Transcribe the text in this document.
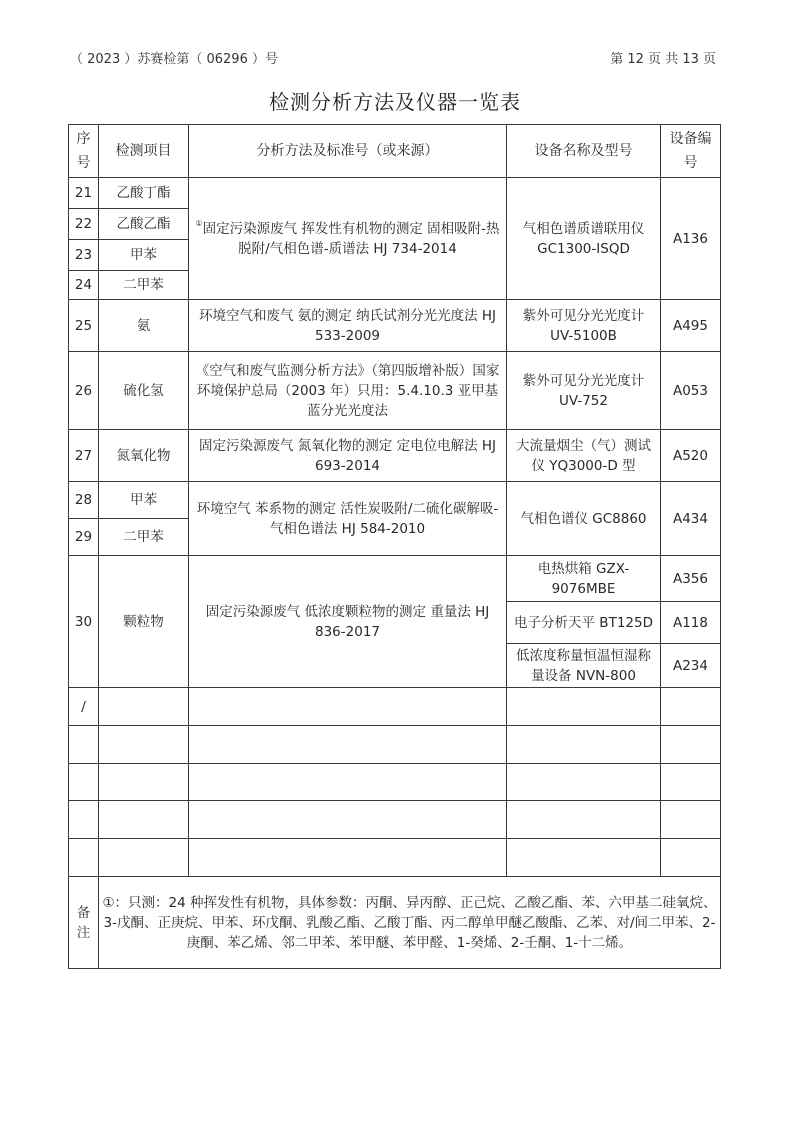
（ 2023 ）苏赛检第（ 06296 ）号	第 12 页 共 13 页
检测分析方法及仪器一览表
序号	检测项目	分析方法及标准号（或来源）	设备名称及型号	设备编号
21	乙酸丁酯	①固定污染源废气 挥发性有机物的测定 固相吸附-热脱附/气相色谱-质谱法 HJ 734-2014	气相色谱质谱联用仪 GC1300-ISQD	A136
22	乙酸乙酯			
23	甲苯			
24	二甲苯			
25	氨	环境空气和废气 氨的测定 纳氏试剂分光光度法 HJ 533-2009	紫外可见分光光度计 UV-5100B	A495
26	硫化氢	《空气和废气监测分析方法》（第四版增补版）国家环境保护总局（2003 年）只用：5.4.10.3 亚甲基蓝分光光度法	紫外可见分光光度计 UV-752	A053
27	氮氧化物	固定污染源废气 氮氧化物的测定 定电位电解法 HJ 693-2014	大流量烟尘（气）测试仪 YQ3000-D 型	A520
28	甲苯	环境空气 苯系物的测定 活性炭吸附/二硫化碳解吸-气相色谱法 HJ 584-2010	气相色谱仪 GC8860	A434
29	二甲苯			
30	颗粒物	固定污染源废气 低浓度颗粒物的测定 重量法 HJ 836-2017	电热烘箱 GZX-9076MBE	A356
			电子分析天平 BT125D	A118
			低浓度称量恒温恒湿称量设备 NVN-800	A234
/				

备注	①：只测：24 种挥发性有机物，具体参数：丙酮、异丙醇、正己烷、乙酸乙酯、苯、六甲基二硅氧烷、3-戊酮、正庚烷、甲苯、环戊酮、乳酸乙酯、乙酸丁酯、丙二醇单甲醚乙酸酯、乙苯、对/间二甲苯、2-庚酮、苯乙烯、邻二甲苯、苯甲醚、苯甲醛、1-癸烯、2-壬酮、1-十二烯。			
